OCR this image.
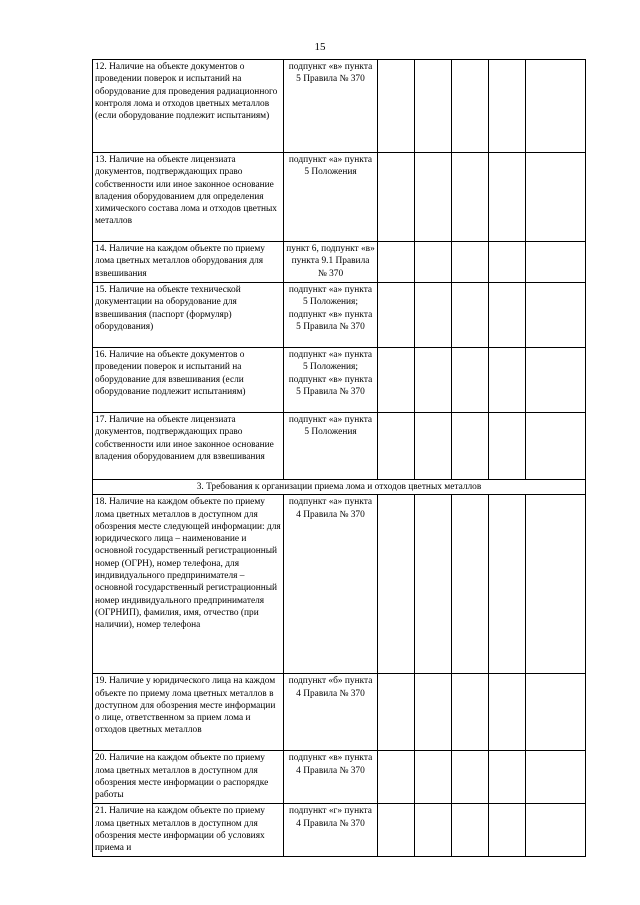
15
12. Наличие на объекте документов о проведении поверок и испытаний на оборудование для проведения радиационного контроля лома и отходов цветных металлов (если оборудование подлежит испытаниям)	подпункт «в» пункта 5 Правила № 370					
13. Наличие на объекте лицензиата документов, подтверждающих право собственности или иное законное основание владения оборудованием для определения химического состава лома и отходов цветных металлов	подпункт «а» пункта 5 Положения					
14. Наличие на каждом объекте по приему лома цветных металлов оборудования для взвешивания	пункт 6, подпункт «в» пункта 9.1 Правила № 370					
15. Наличие на объекте технической документации на оборудование для взвешивания (паспорт (формуляр) оборудования)	подпункт «а» пункта 5 Положения; подпункт «в» пункта 5 Правила № 370					
16. Наличие на объекте документов о проведении поверок и испытаний на оборудование для взвешивания (если оборудование подлежит испытаниям)	подпункт «а» пункта 5 Положения; подпункт «в» пункта 5 Правила № 370					
17. Наличие на объекте лицензиата документов, подтверждающих право собственности или иное законное основание владения оборудованием для взвешивания	подпункт «а» пункта 5 Положения					
3. Требования к организации приема лома и отходов цветных металлов						
18. Наличие на каждом объекте по приему лома цветных металлов в доступном для обозрения месте следующей информации: для юридического лица – наименование и основной государственный регистрационный номер (ОГРН), номер телефона, для индивидуального предпринимателя – основной государственный регистрационный номер индивидуального предпринимателя (ОГРНИП), фамилия, имя, отчество (при наличии), номер телефона	подпункт «а» пункта 4 Правила № 370					
19. Наличие у юридического лица на каждом объекте по приему лома цветных металлов в доступном для обозрения месте информации о лице, ответственном за прием лома и отходов цветных металлов	подпункт «б» пункта 4 Правила № 370					
20. Наличие на каждом объекте по приему лома цветных металлов в доступном для обозрения месте информации о распорядке работы	подпункт «в» пункта 4 Правила № 370					
21. Наличие на каждом объекте по приему лома цветных металлов в доступном для обозрения месте информации об условиях приема и	подпункт «г» пункта 4 Правила № 370					
